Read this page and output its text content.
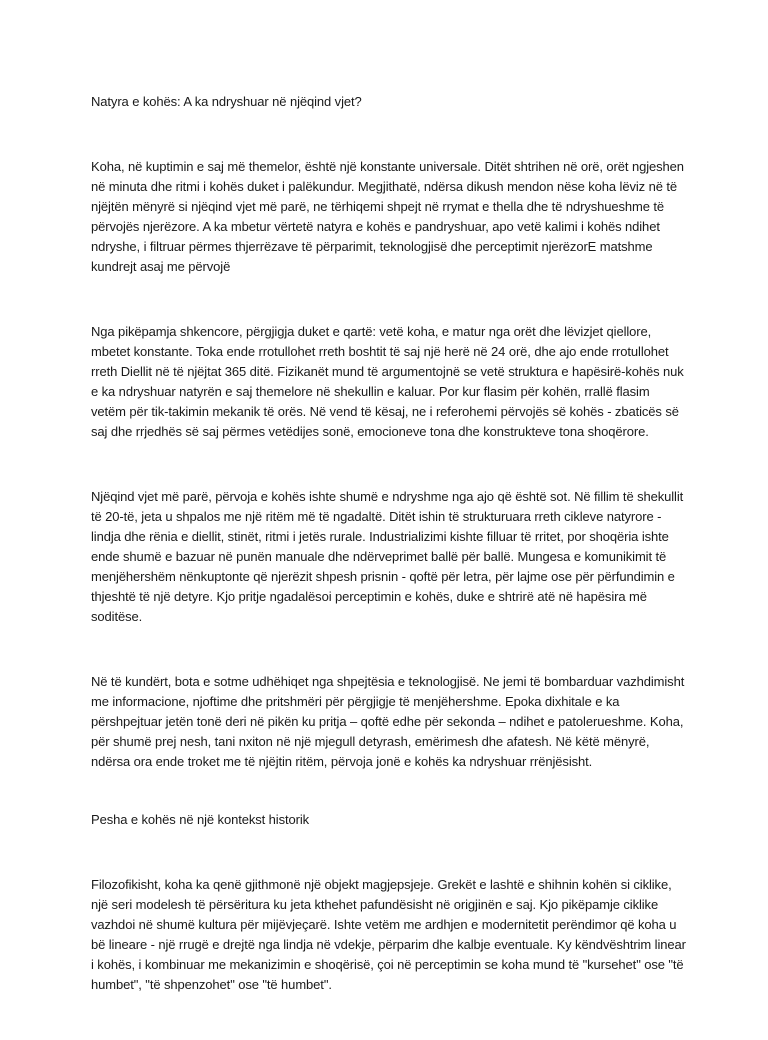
Natyra e kohës: A ka ndryshuar në njëqind vjet?

Koha, në kuptimin e saj më themelor, është një konstante universale. Ditët shtrihen në orë, orët ngjeshen në minuta dhe ritmi i kohës duket i palëkundur. Megjithatë, ndërsa dikush mendon nëse koha lëviz në të njëjtën mënyrë si njëqind vjet më parë, ne tërhiqemi shpejt në rrymat e thella dhe të ndryshueshme të përvojës njerëzore. A ka mbetur vërtetë natyra e kohës e pandryshuar, apo vetë kalimi i kohës ndihet ndryshe, i filtruar përmes thjerrëzave të përparimit, teknologjisë dhe perceptimit njerëzorE matshme kundrejt asaj me përvojë

Nga pikëpamja shkencore, përgjigja duket e qartë: vetë koha, e matur nga orët dhe lëvizjet qiellore, mbetet konstante. Toka ende rrotullohet rreth boshtit të saj një herë në 24 orë, dhe ajo ende rrotullohet rreth Diellit në të njëjtat 365 ditë. Fizikanët mund të argumentojnë se vetë struktura e hapësirë-kohës nuk e ka ndryshuar natyrën e saj themelore në shekullin e kaluar. Por kur flasim për kohën, rrallë flasim vetëm për tik-takimin mekanik të orës. Në vend të kësaj, ne i referohemi përvojës së kohës - zbaticës së saj dhe rrjedhës së saj përmes vetëdijes sonë, emocioneve tona dhe konstrukteve tona shoqërore.

Njëqind vjet më parë, përvoja e kohës ishte shumë e ndryshme nga ajo që është sot. Në fillim të shekullit të 20-të, jeta u shpalos me një ritëm më të ngadaltë. Ditët ishin të strukturuara rreth cikleve natyrore - lindja dhe rënia e diellit, stinët, ritmi i jetës rurale. Industrializimi kishte filluar të rritet, por shoqëria ishte ende shumë e bazuar në punën manuale dhe ndërveprimet ballë për ballë. Mungesa e komunikimit të menjëhershëm nënkuptonte që njerëzit shpesh prisnin - qoftë për letra, për lajme ose për përfundimin e thjeshtë të një detyre. Kjo pritje ngadalësoi perceptimin e kohës, duke e shtrirë atë në hapësira më soditëse.

Në të kundërt, bota e sotme udhëhiqet nga shpejtësia e teknologjisë. Ne jemi të bombarduar vazhdimisht me informacione, njoftime dhe pritshmëri për përgjigje të menjëhershme. Epoka dixhitale e ka përshpejtuar jetën tonë deri në pikën ku pritja – qoftë edhe për sekonda – ndihet e patolerueshme. Koha, për shumë prej nesh, tani nxiton në një mjegull detyrash, emërimesh dhe afatesh. Në këtë mënyrë, ndërsa ora ende troket me të njëjtin ritëm, përvoja jonë e kohës ka ndryshuar rrënjësisht.

Pesha e kohës në një kontekst historik

Filozofikisht, koha ka qenë gjithmonë një objekt magjepsjeje. Grekët e lashtë e shihnin kohën si ciklike, një seri modelesh të përsëritura ku jeta kthehet pafundësisht në origjinën e saj. Kjo pikëpamje ciklike vazhdoi në shumë kultura për mijëvjeçarë. Ishte vetëm me ardhjen e modernitetit perëndimor që koha u bë lineare - një rrugë e drejtë nga lindja në vdekje, përparim dhe kalbje eventuale. Ky këndvështrim linear i kohës, i kombinuar me mekanizimin e shoqërisë, çoi në perceptimin se koha mund të "kursehet" ose "të humbet", "të shpenzohet" ose "të humbet".
